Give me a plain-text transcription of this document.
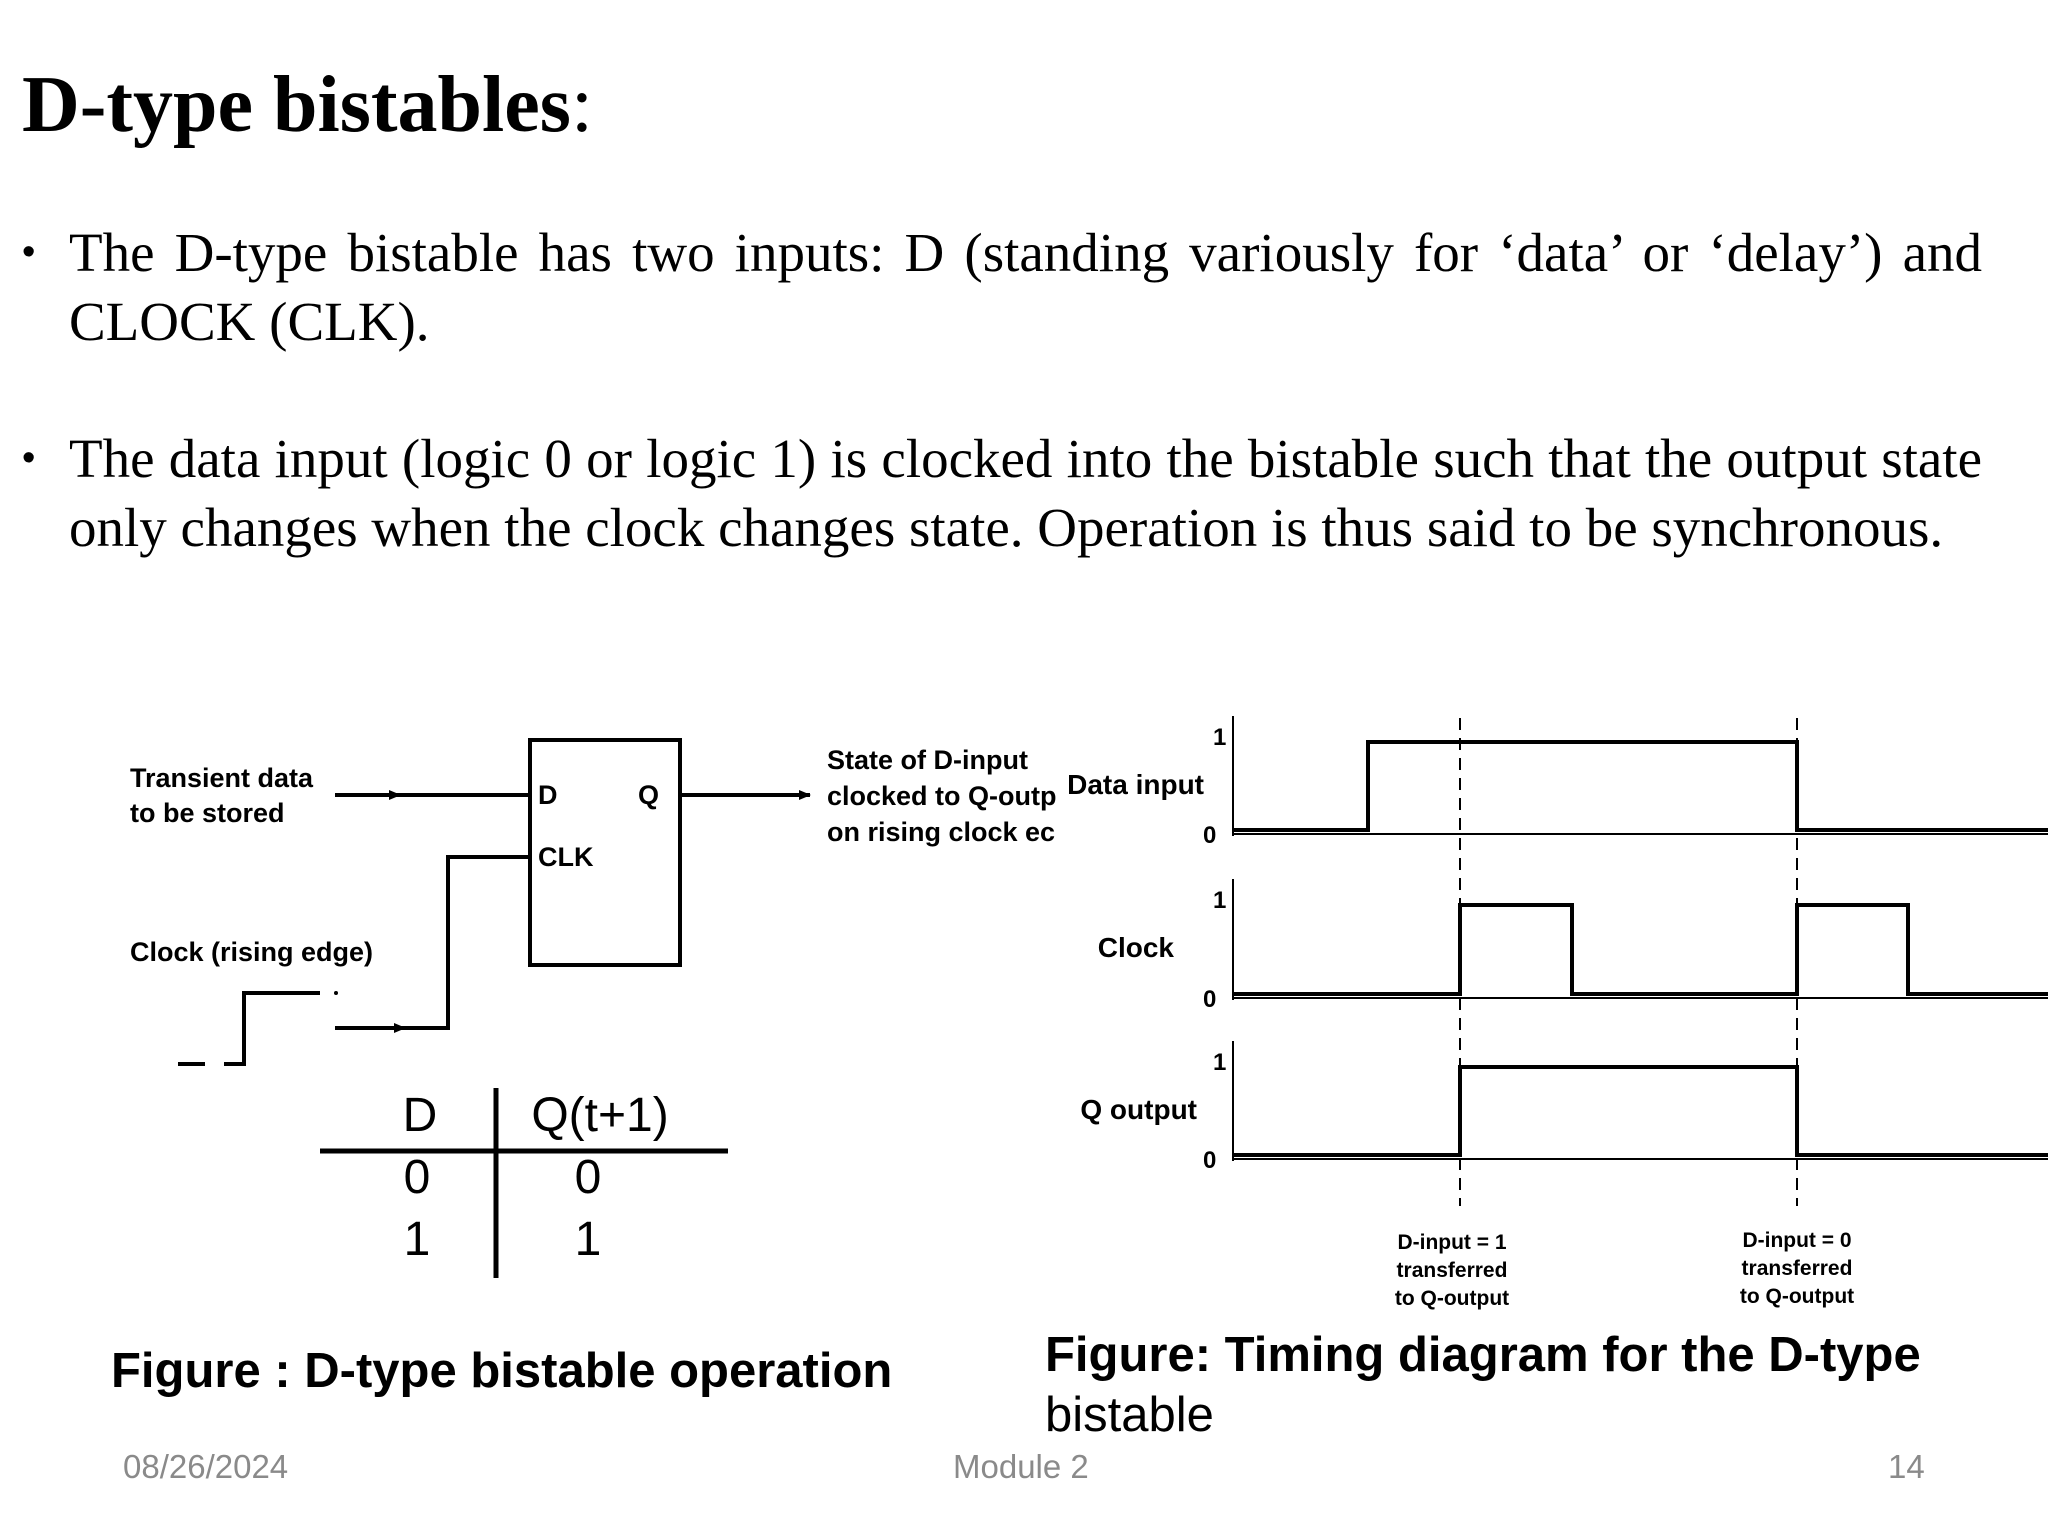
D-type bistables:
• The D-type bistable has two inputs: D (standing variously for ‘data’ or ‘delay’) and CLOCK (CLK).
• The data input (logic 0 or logic 1) is clocked into the bistable such that the output state only changes when the clock changes state. Operation is thus said to be synchronous.
D	Q
CLK
Transient data
to be stored
Clock (rising edge)
State of D-input
clocked to Q-outp
on rising clock ec
D Q(t+1)
0	0
1	1
1
0
Data input
1
0
Clock
1
0
Q output
D-input = 1
transferred
to Q-output
D-input = 0
transferred
to Q-output
Figure : D-type bistable operation	Figure: Timing diagram for the D-type
bistable
08/26/2024	Module 2	14
